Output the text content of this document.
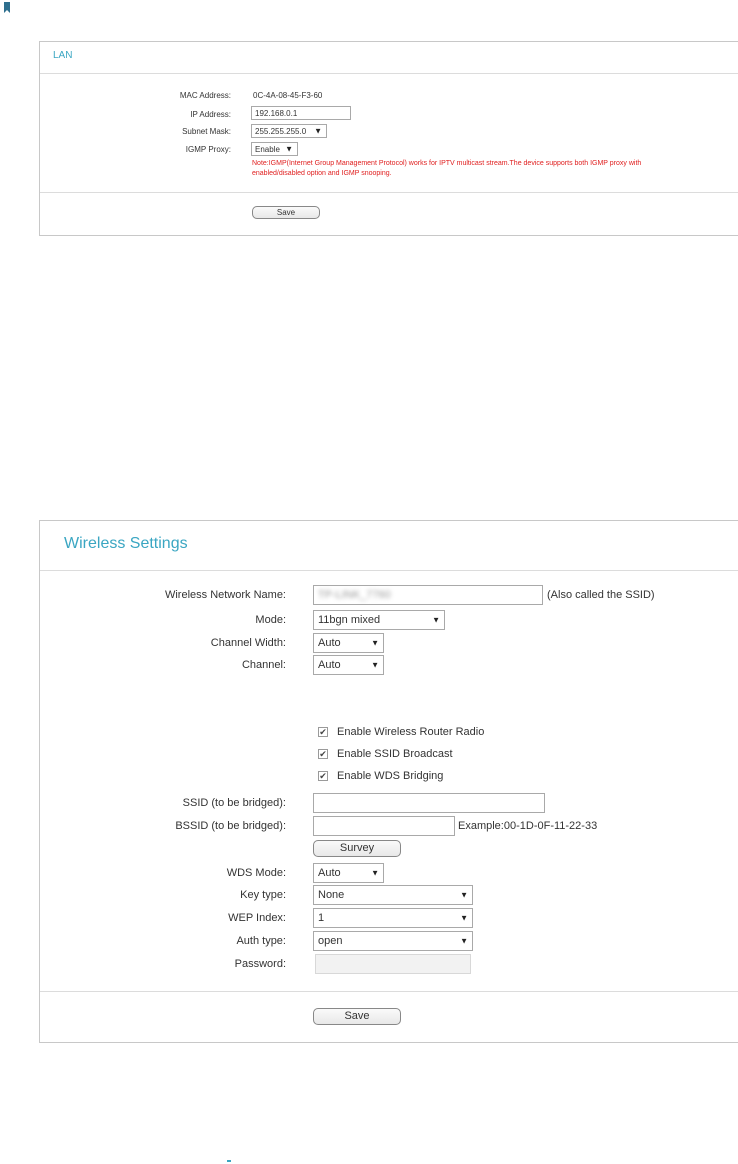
LAN
MAC Address:	0C-4A-08-45-F3-60
IP Address:	192.168.0.1
Subnet Mask:	255.255.255.0 ▼
IGMP Proxy:	Enable ▼
Note:IGMP(Internet Group Management Protocol) works for IPTV multicast stream.The device supports both IGMP proxy with
enabled/disabled option and IGMP snooping.
Save
Wireless Settings
Wireless Network Name:	TP-LINK_7760	(Also called the SSID)
Mode:	11bgn mixed	▼
Channel Width:	Auto	▼
Channel:	Auto	▼
✔ Enable Wireless Router Radio
✔ Enable SSID Broadcast
✔ Enable WDS Bridging
SSID (to be bridged):
BSSID (to be bridged):	Example:00-1D-0F-11-22-33
Survey
WDS Mode:	Auto	▼
Key type:	None	▼
WEP Index:	1	▼
Auth type:	open	▼
Password:
Save
